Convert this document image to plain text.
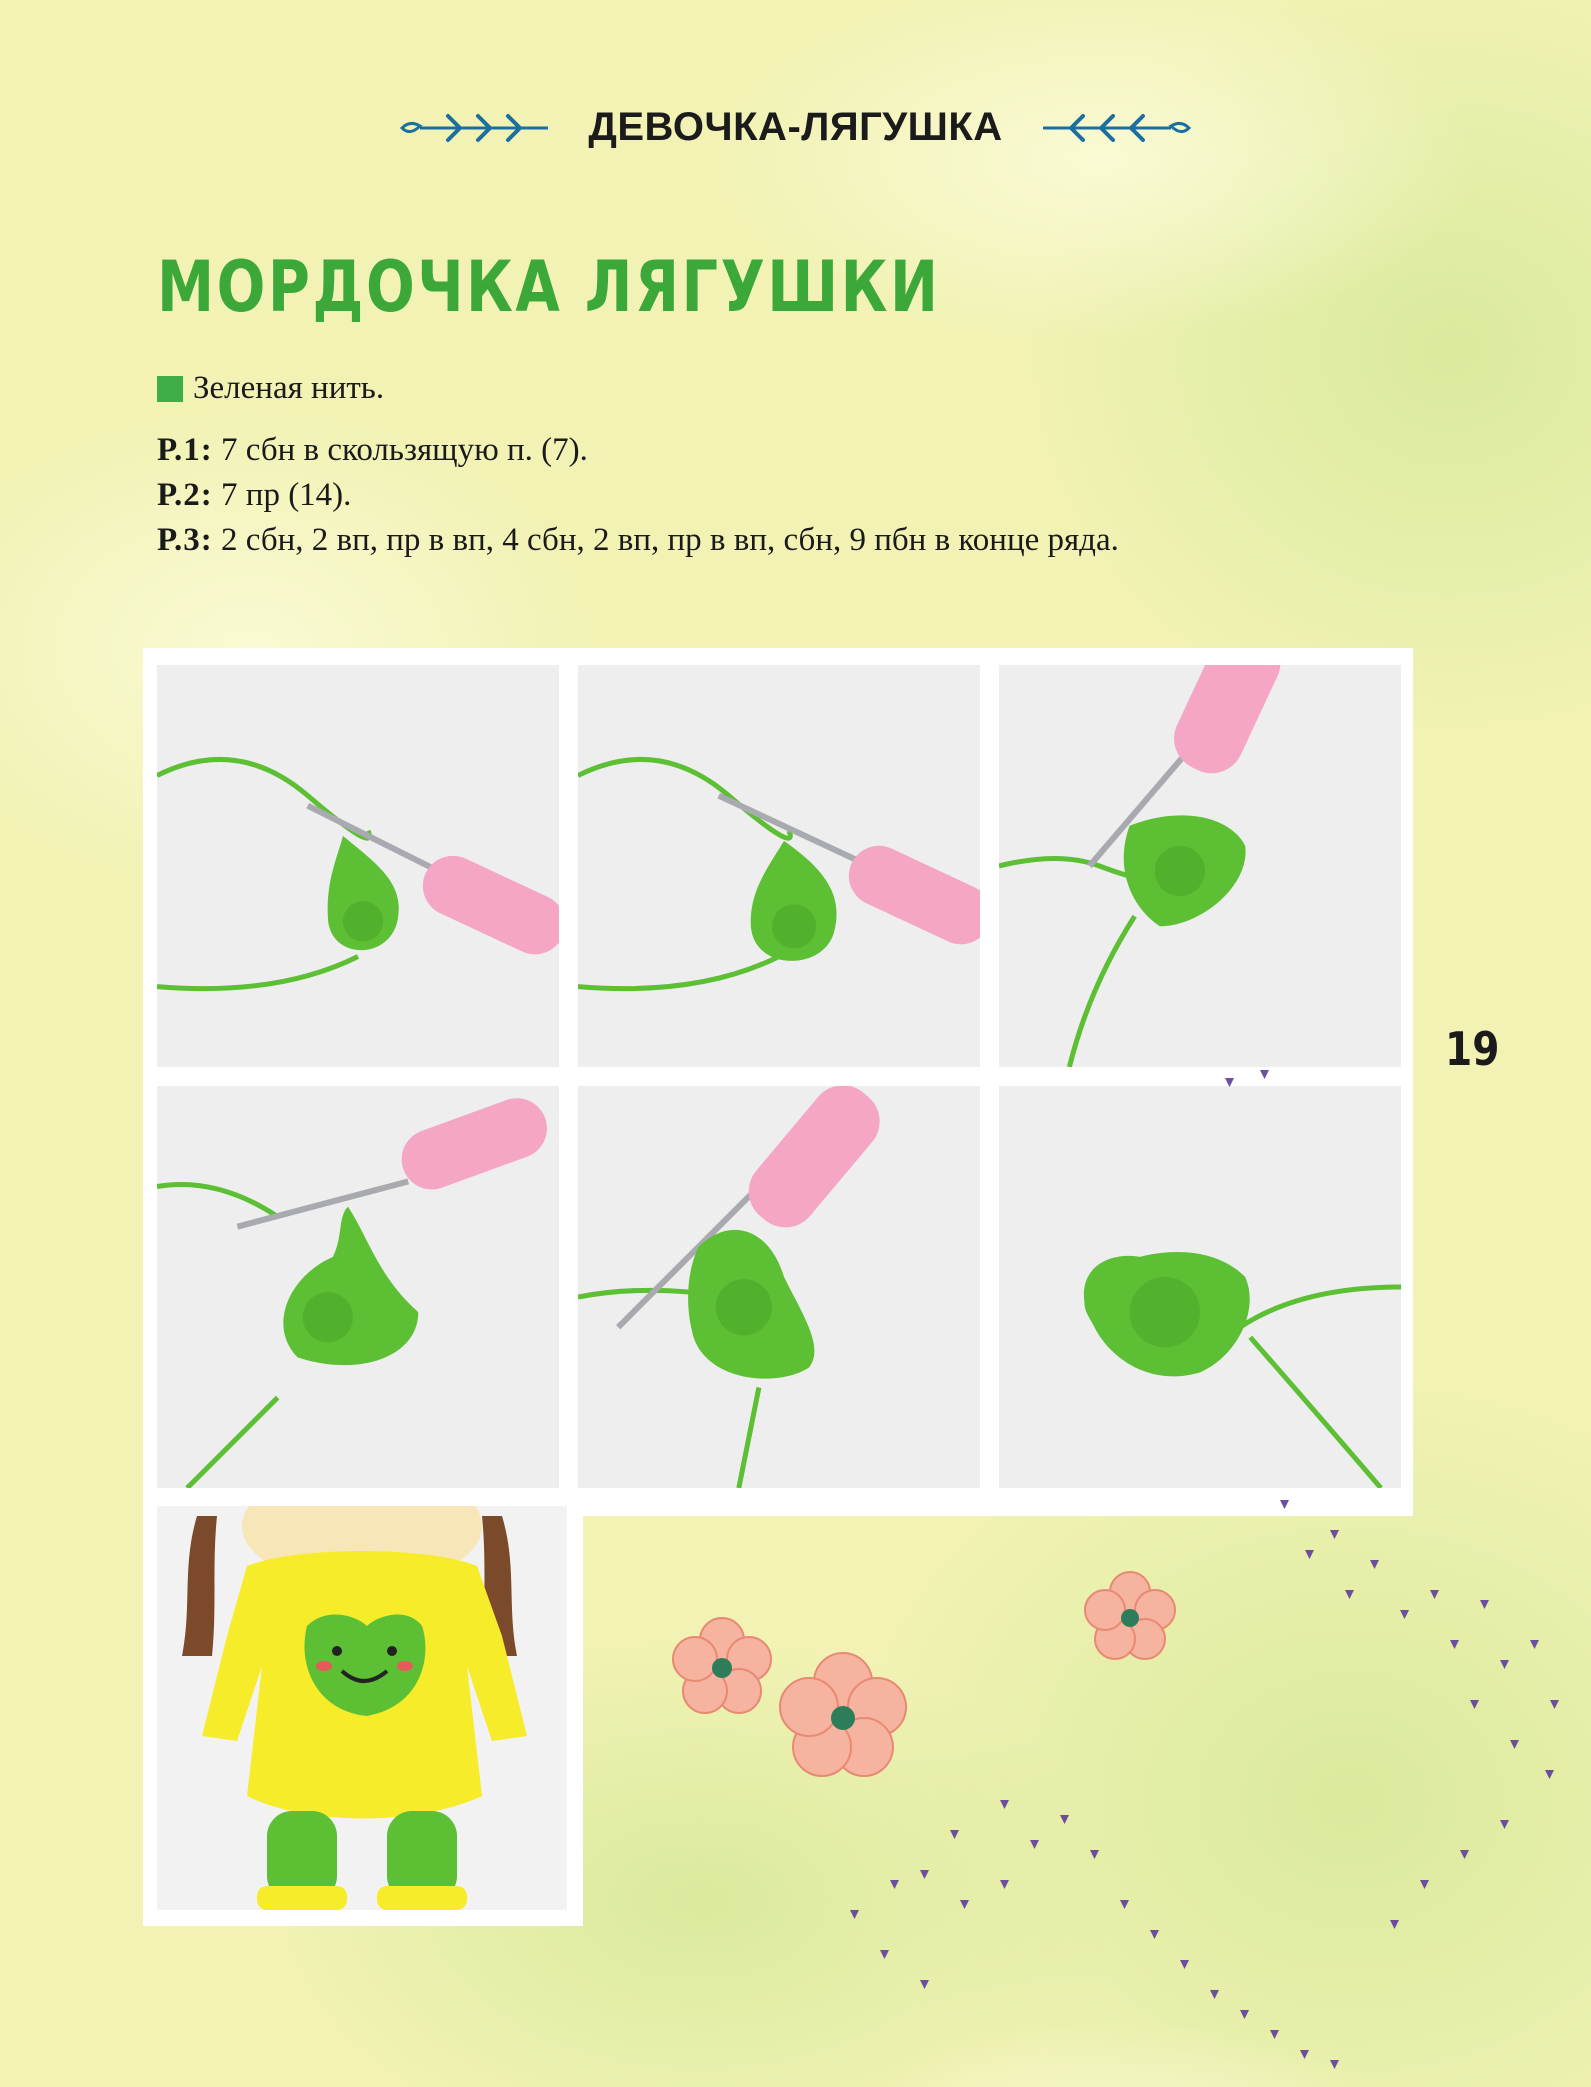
ДЕВОЧКА-ЛЯГУШКА
МОРДОЧКА ЛЯГУШКИ
Зеленая нить.
Р.1: 7 сбн в скользящую п. (7).
Р.2: 7 пр (14).
Р.3: 2 сбн, 2 вп, пр в вп, 4 сбн, 2 вп, пр в вп, сбн, 9 пбн в конце ряда.
19
